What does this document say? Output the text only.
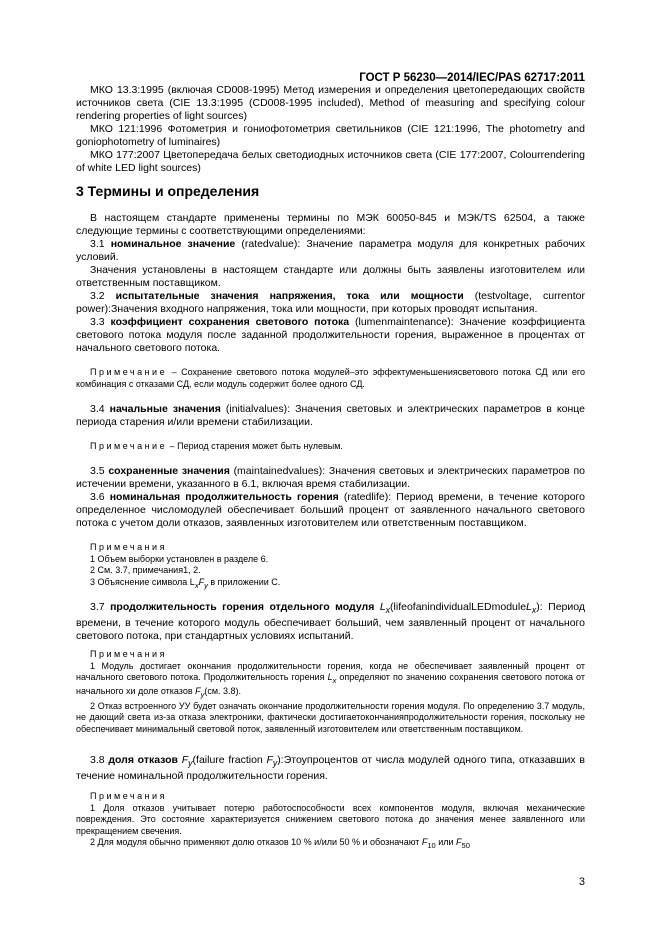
ГОСТ Р 56230—2014/IEC/PAS 62717:2011

МКО 13.3:1995 (включая CD008-1995) Метод измерения и определения цветопередающих свойств источников света (CIE 13.3:1995 (CD008-1995 included), Method of measuring and specifying colour rendering properties of light sources)

МКО 121:1996 Фотометрия и гониофотометрия светильников (CIE 121:1996, The photometry and goniophotometry of luminaires)

МКО 177:2007 Цветопередача белых светодиодных источников света (CIE 177:2007, Colourrendering of white LED light sources)

3 Термины и определения

В настоящем стандарте применены термины по МЭК 60050-845 и МЭК/TS 62504, а также следующие термины с соответствующими определениями:

3.1 номинальное значение (ratedvalue): Значение параметра модуля для конкретных рабочих условий.

Значения установлены в настоящем стандарте или должны быть заявлены изготовителем или ответственным поставщиком.

3.2 испытательные значения напряжения, тока или мощности (testvoltage, currentor power):Значения входного напряжения, тока или мощности, при которых проводят испытания.

3.3 коэффициент сохранения светового потока (lumenmaintenance): Значение коэффициента светового потока модуля после заданной продолжительности горения, выраженное в процентах от начального светового потока.

Примечание – Сохранение светового потока модулей–это эффектуменьшениясветового потока СД или его комбинация с отказами СД, если модуль содержит более одного СД.

3.4 начальные значения (initialvalues): Значения световых и электрических параметров в конце периода старения и/или времени стабилизации.

Примечание – Период старения может быть нулевым.

3.5 сохраненные значения (maintainedvalues): Значения световых и электрических параметров по истечении времени, указанного в 6.1, включая время стабилизации.

3.6 номинальная продолжительность горения (ratedlife): Период времени, в течение которого определенное числомодулей обеспечивает больший процент от заявленного начального светового потока с учетом доли отказов, заявленных изготовителем или ответственным поставщиком.

Примечания

1 Объем выборки установлен в разделе 6.

2 См. 3.7, примечания1, 2.

3 Объяснение символа $L_xF_y$ в приложении С.

3.7 продолжительность горения отдельного модуля $L_x(lifeofanindividualLEDmoduleL_x)$: Период времени, в течение которого модуль обеспечивает больший, чем заявленный процент от начального светового потока, при стандартных условиях испытаний.

Примечания

1 Модуль достигает окончания продолжительности горения, когда не обеспечивает заявленный процент от начального светового потока. Продолжительность горения $L_x$ определяют по значению сохранения светового потока от начального хи доле отказов $F_y(см$. 3.8).

2 Отказ встроенного УУ будет означать окончание продолжительности горения модуля. По определению 3.7 модуль, не дающий света из-за отказа электроники, фактически достигаетокончанияпродолжительности горения, поскольку не обеспечивает минимальный световой поток, заявленный изготовителем или ответственным поставщиком.

3.8 доля отказов $F_y(failure$ fraction $F_y):Этоупроцентов$ от числа модулей одного типа, отказавших в течение номинальной продолжительности горения.

Примечания

1 Доля отказов учитывает потерю работоспособности всех компонентов модуля, включая механические повреждения. Это состояние характеризуется снижением светового потока до значения менее заявленного или прекращением свечения.

2 Для модуля обычно применяют долю отказов 10 % и/или 50 % и обозначают $F_{10}$ или $F_{50}$

3
